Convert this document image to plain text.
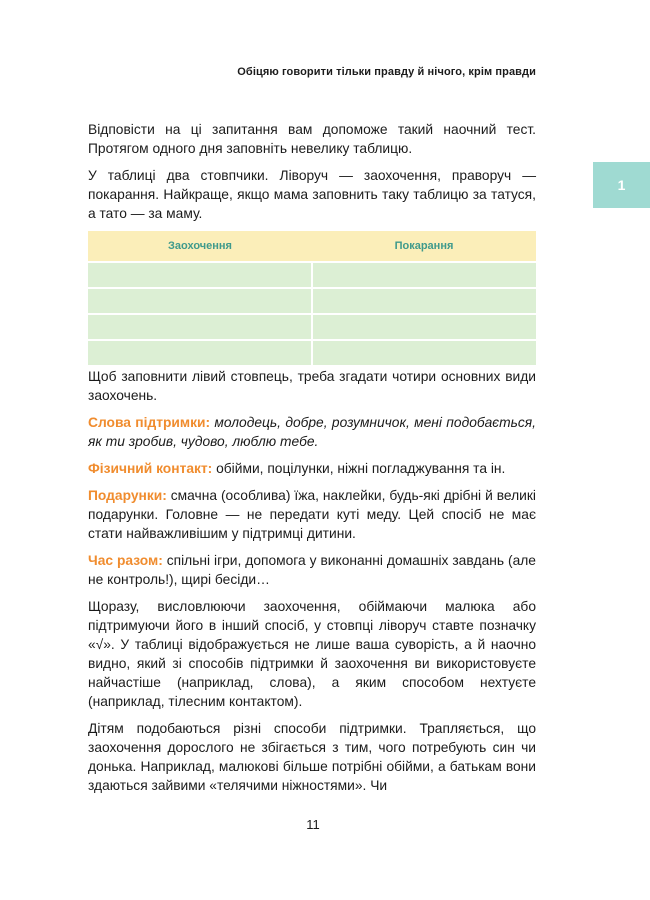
Обіцяю говорити тільки правду й нічого, крім правди
1

Відповісти на ці запитання вам допоможе такий наочний тест. Протягом одного дня заповніть невелику таблицю.

У таблиці два стовпчики. Ліворуч — заохочення, праворуч — покарання. Найкраще, якщо мама заповнить таку таблицю за татуся, а тато — за маму.

Заохочення	Покарання

Щоб заповнити лівий стовпець, треба згадати чотири основних види заохочень.

Слова підтримки: молодець, добре, розумничок, мені подобається, як ти зробив, чудово, люблю тебе.

Фізичний контакт: обійми, поцілунки, ніжні погладжування та ін.

Подарунки: смачна (особлива) їжа, наклейки, будь-які дрібні й великі подарунки. Головне — не передати куті меду. Цей спосіб не має стати найважливішим у підтримці дитини.

Час разом: спільні ігри, допомога у виконанні домашніх завдань (але не контроль!), щирі бесіди…

Щоразу, висловлюючи заохочення, обіймаючи малюка або підтримуючи його в інший спосіб, у стовпці ліворуч ставте позначку «√». У таблиці відображується не лише ваша суворість, а й наочно видно, який зі способів підтримки й заохочення ви використовуєте найчастіше (наприклад, слова), а яким способом нехтуєте (наприклад, тілесним контактом).

Дітям подобаються різні способи підтримки. Трапляється, що заохочення дорослого не збігається з тим, чого потребують син чи донька. Наприклад, малюкові більше потрібні обійми, а батькам вони здаються зайвими «телячими ніжностями». Чи

11
